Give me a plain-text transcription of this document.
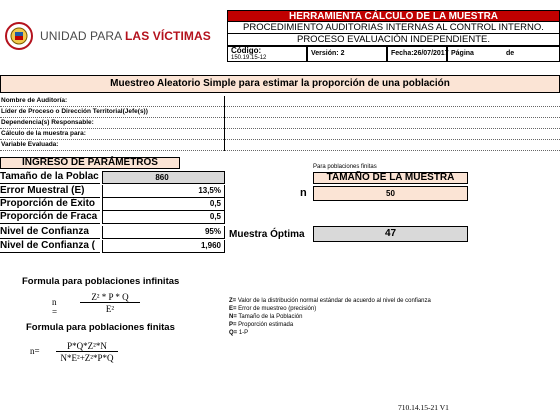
UNIDAD PARA LAS VÍCTIMAS
HERRAMIENTA CÁLCULO DE LA MUESTRA
PROCEDIMIENTO AUDITORIAS INTERNAS AL CONTROL INTERNO.
PROCESO EVALUACIÓN INDEPENDIENTE.
Código:
150.19.15-12
Versión: 2	Fecha:26/07/2017 Página	de
Muestreo Aleatorio Simple para estimar la proporción de una población
Nombre de Auditoría:
Líder de Proceso o Dirección Territorial(Jefe(s))
Dependencia(s) Responsable:
Cálculo de la muestra para:
Variable Evaluada:
INGRESO DE PARÁMETROS
Tamaño de la Poblac	860
Error Muestral (E)	13,5%
Proporción de Éxito	0,5
Proporción de Fraca	0,5
Nivel de Confianza	95%
Nivel de Confianza (	1,960
Para poblaciones finitas
TAMAÑO DE LA MUESTRA
n	50
Muestra Óptima	47
Formula para poblaciones infinitas
n =
Z² * P * Q
E²
Formula para poblaciones finitas
n=	P*Q*Z²*N
N*E²+Z²*P*Q
Z= Valor de la distribución normal estándar de acuerdo al nivel de confianza
E= Error de muestreo (precisión)
N= Tamaño de la Población
P= Proporción estimada
Q= 1-P
710.14.15-21 V1
